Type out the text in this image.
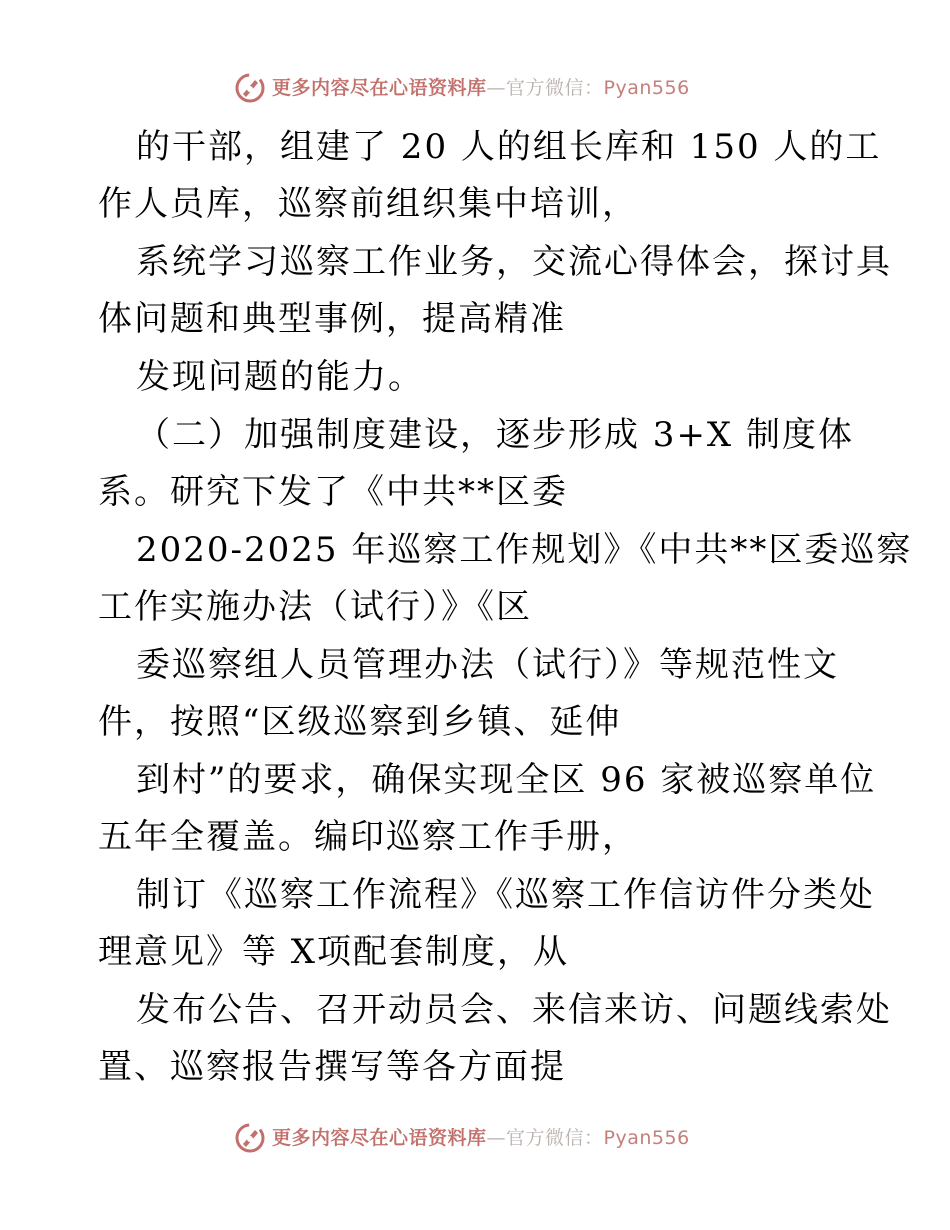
更多内容尽在心语资料库—官方微信：Pyan556
的干部，组建了 20 人的组长库和 150 人的工
作人员库，巡察前组织集中培训，
系统学习巡察工作业务，交流心得体会，探讨具
体问题和典型事例，提高精准
发现问题的能力。
（二）加强制度建设，逐步形成 3+X 制度体
系。研究下发了《中共**区委
2020-2025 年巡察工作规划》《中共**区委巡察
工作实施办法（试行）》《区
委巡察组人员管理办法（试行）》等规范性文
件，按照“区级巡察到乡镇、延伸
到村”的要求，确保实现全区 96 家被巡察单位
五年全覆盖。编印巡察工作手册，
制订《巡察工作流程》《巡察工作信访件分类处
理意见》等 X项配套制度，从
发布公告、召开动员会、来信来访、问题线索处
置、巡察报告撰写等各方面提
更多内容尽在心语资料库—官方微信：Pyan556
